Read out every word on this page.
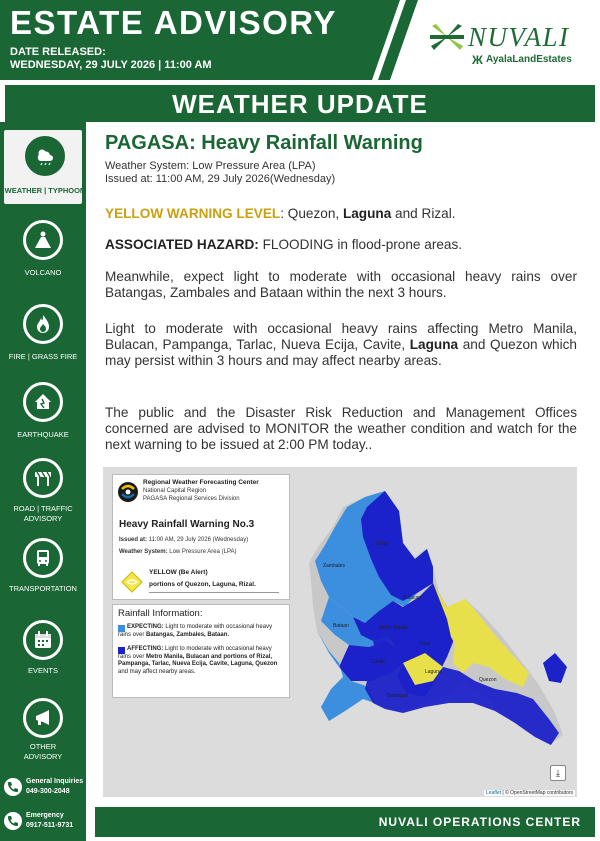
ESTATE ADVISORY
DATE RELEASED:
WEDNESDAY, 29 JULY 2026 | 11:00 AM
NUVALI
Ж AyalaLandEstates
WEATHER UPDATE
WEATHER | TYPHOON
VOLCANO
FIRE | GRASS FIRE
EARTHQUAKE
ROAD | TRAFFIC ADVISORY
TRANSPORTATION
EVENTS
OTHER ADVISORY
General Inquiries
049-300-2048
Emergency
0917-511-9731
PAGASA: Heavy Rainfall Warning
Weather System: Low Pressure Area (LPA)
Issued at: 11:00 AM, 29 July 2026(Wednesday)
YELLOW WARNING LEVEL: Quezon, Laguna and Rizal.
ASSOCIATED HAZARD: FLOODING in flood-prone areas.
Meanwhile, expect light to moderate with occasional heavy rains over Batangas, Zambales and Bataan within the next 3 hours.
Light to moderate with occasional heavy rains affecting Metro Manila, Bulacan, Pampanga, Tarlac, Nueva Ecija, Cavite, Laguna and Quezon which may persist within 3 hours and may affect nearby areas.
The public and the Disaster Risk Reduction and Management Offices concerned are advised to MONITOR the weather condition and watch for the next warning to be issued at 2:00 PM today..
Tarlac
Bulacan
Rizal
Metro Manila
Quezon
Laguna
Cavite
Batangas
Zambales
Bataan
Regional Weather Forecasting Center
National Capital Region
PAGASA Regional Services Division
Heavy Rainfall Warning No.3
Issued at: 11:00 AM, 29 July 2026 (Wednesday)
Weather System: Low Pressure Area (LPA)
YELLOW (Be Alert)
portions of Quezon, Laguna, Rizal.
Rainfall Information:
EXPECTING: Light to moderate with occasional heavy rains over Batangas, Zambales, Bataan.
AFFECTING: Light to moderate with occasional heavy rains over Metro Manila, Bulacan and portions of Rizal, Pampanga, Tarlac, Nueva Ecija, Cavite, Laguna, Quezon and may affect nearby areas.
⤓
Leaflet | © OpenStreetMap contributors
NUVALI OPERATIONS CENTER
